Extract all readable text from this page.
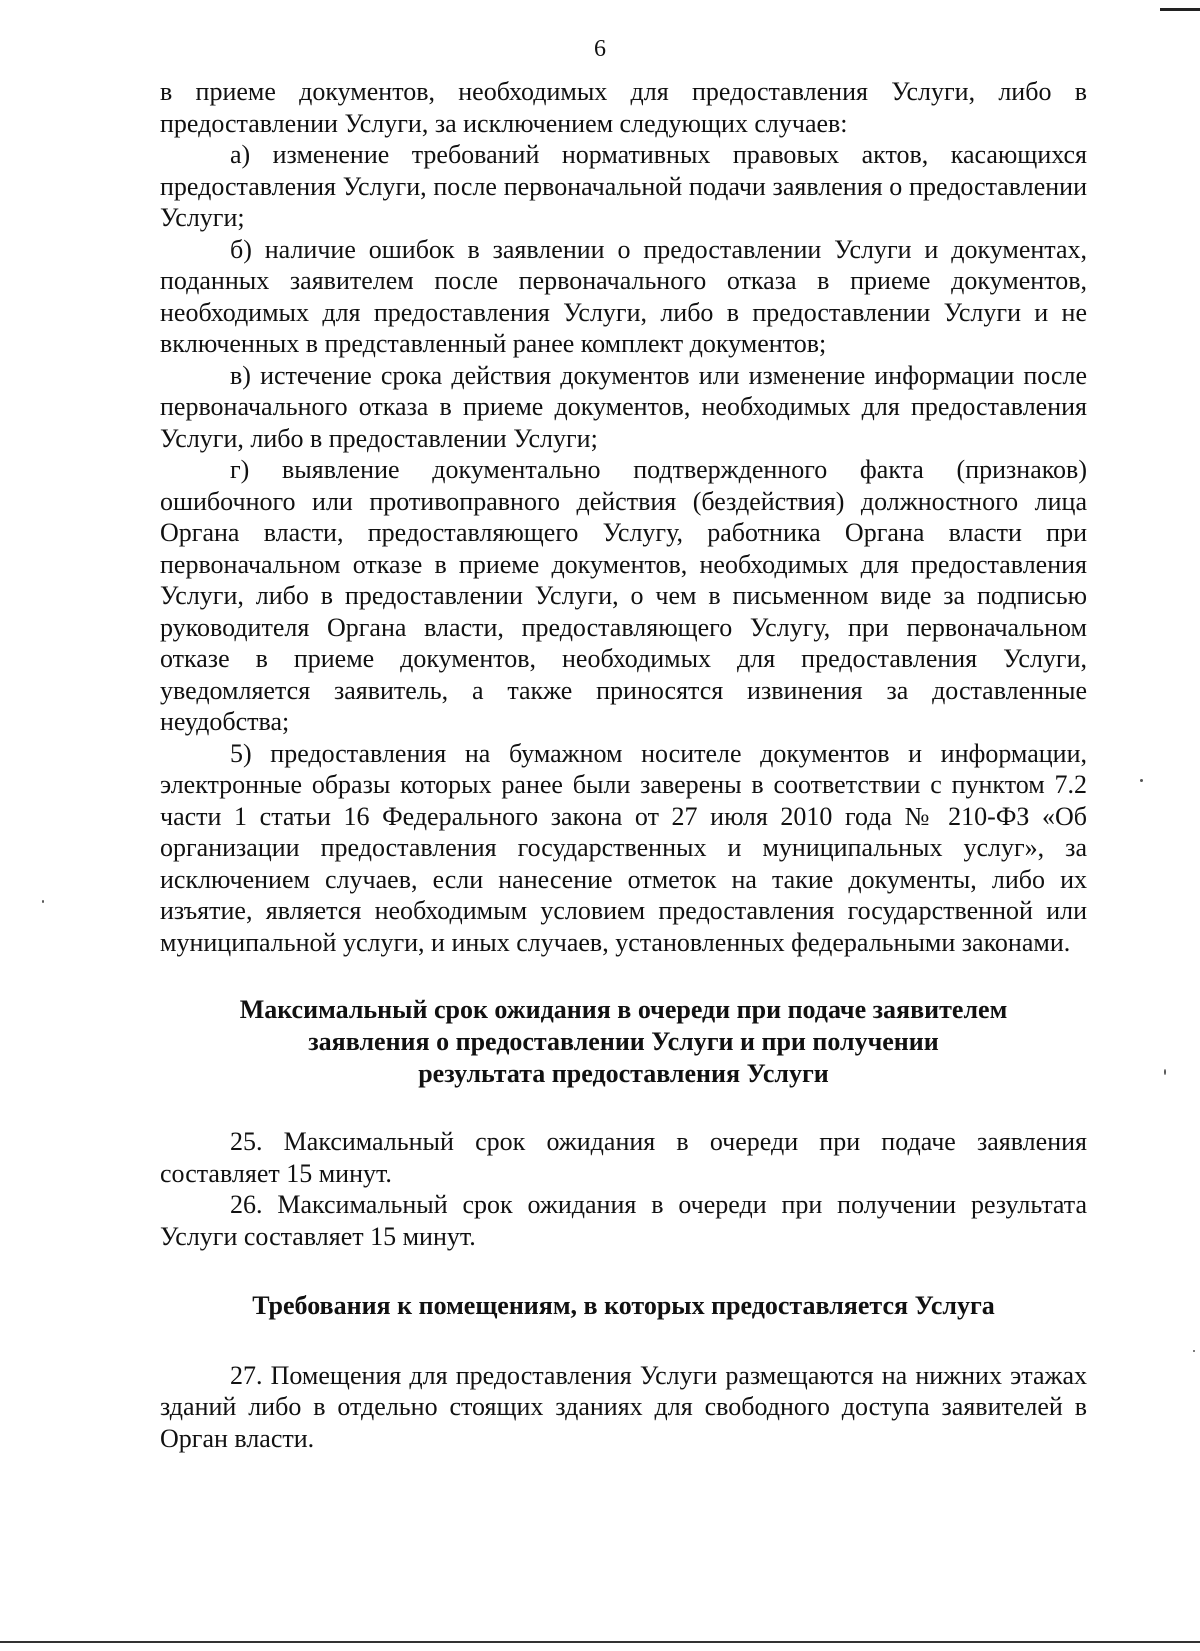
6

в приеме документов, необходимых для предоставления Услуги, либо в предоставлении Услуги, за исключением следующих случаев:

а) изменение требований нормативных правовых актов, касающихся предоставления Услуги, после первоначальной подачи заявления о предоставлении Услуги;

б) наличие ошибок в заявлении о предоставлении Услуги и документах, поданных заявителем после первоначального отказа в приеме документов, необходимых для предоставления Услуги, либо в предоставлении Услуги и не включенных в представленный ранее комплект документов;

в) истечение срока действия документов или изменение информации после первоначального отказа в приеме документов, необходимых для предоставления Услуги, либо в предоставлении Услуги;

г) выявление документально подтвержденного факта (признаков) ошибочного или противоправного действия (бездействия) должностного лица Органа власти, предоставляющего Услугу, работника Органа власти при первоначальном отказе в приеме документов, необходимых для предоставления Услуги, либо в предоставлении Услуги, о чем в письменном виде за подписью руководителя Органа власти, предоставляющего Услугу, при первоначальном отказе в приеме документов, необходимых для предоставления Услуги, уведомляется заявитель, а также приносятся извинения за доставленные неудобства;

5) предоставления на бумажном носителе документов и информации, электронные образы которых ранее были заверены в соответствии с пунктом 7.2 части 1 статьи 16 Федерального закона от 27 июля 2010 года № 210-ФЗ «Об организации предоставления государственных и муниципальных услуг», за исключением случаев, если нанесение отметок на такие документы, либо их изъятие, является необходимым условием предоставления государственной или муниципальной услуги, и иных случаев, установленных федеральными законами.

Максимальный срок ожидания в очереди при подаче заявителем
заявления о предоставлении Услуги и при получении
результата предоставления Услуги

25. Максимальный срок ожидания в очереди при подаче заявления составляет 15 минут.

26. Максимальный срок ожидания в очереди при получении результата Услуги составляет 15 минут.

Требования к помещениям, в которых предоставляется Услуга

27. Помещения для предоставления Услуги размещаются на нижних этажах зданий либо в отдельно стоящих зданиях для свободного доступа заявителей в Орган власти.
